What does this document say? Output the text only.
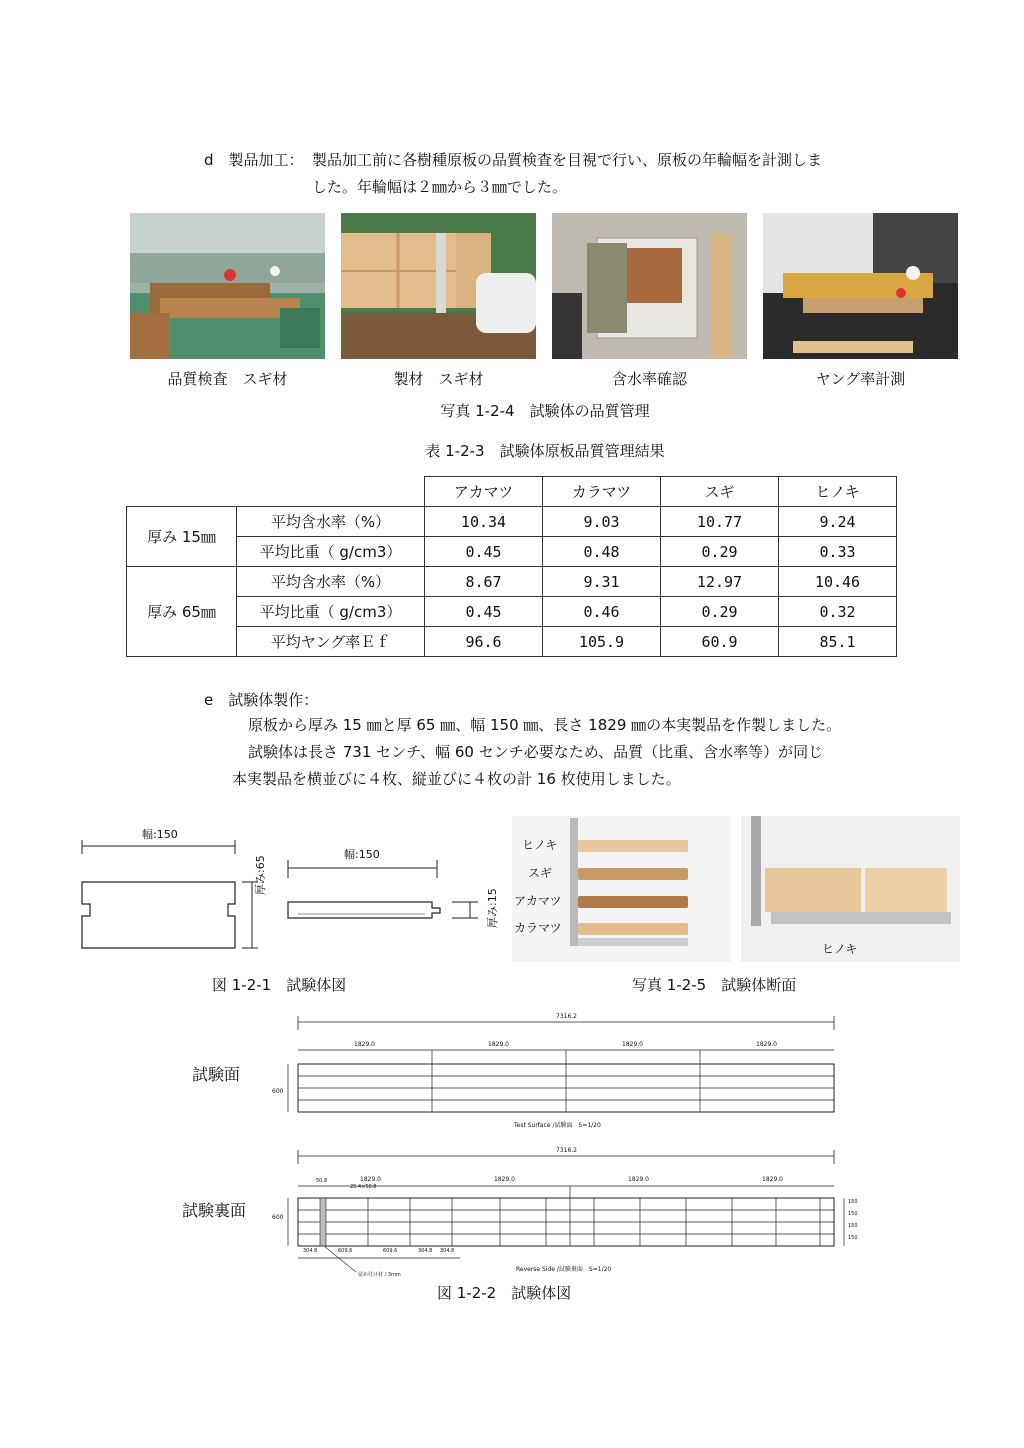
d　製品加工： 製品加工前に各樹種原板の品質検査を目視で行い、原板の年輪幅を計測しま
した。年輪幅は２㎜から３㎜でした。
品質検査　スギ材	製材　スギ材	含水率確認	ヤング率計測
写真 1-2-4　試験体の品質管理
表 1-2-3　試験体原板品質管理結果
		アカマツ	カラマツ	スギ	ヒノキ
厚み 15㎜	平均含水率（%）	10.34	9.03	10.77	9.24
	平均比重（ g/cm3）	0.45	0.48	0.29	0.33
厚み 65㎜	平均含水率（%）	8.67	9.31	12.97	10.46
	平均比重（ g/cm3）	0.45	0.46	0.29	0.32
	平均ヤング率Ｅｆ	96.6	105.9	60.9	85.1
e　試験体製作：
原板から厚み 15 ㎜と厚 65 ㎜、幅 150 ㎜、長さ 1829 ㎜の本実製品を作製しました。
試験体は長さ 731 センチ、幅 60 センチ必要なため、品質（比重、含水率等）が同じ
本実製品を横並びに４枚、縦並びに４枚の計 16 枚使用しました。
幅:150
厚み:65
幅:150
厚み:15
図 1-2-1　試験体図
ヒノキ
スギ
アカマツ
カラマツ
ヒノキ
写真 1-2-5　試験体断面
試験面
試験裏面
7316.2
1829.0	1829.0	1829.0	1829.0
600
Test Surface /試験面　S=1/20
7316.2
1829.0	1829.0	1829.0	1829.0
50.8
25.4×50.8
600
304.8	609.6	609.6	304.8 304.8
150
150
150
150
留め付け材 / 3mm
Reverse Side /試験裏面　S=1/20
図 1-2-2　試験体図
